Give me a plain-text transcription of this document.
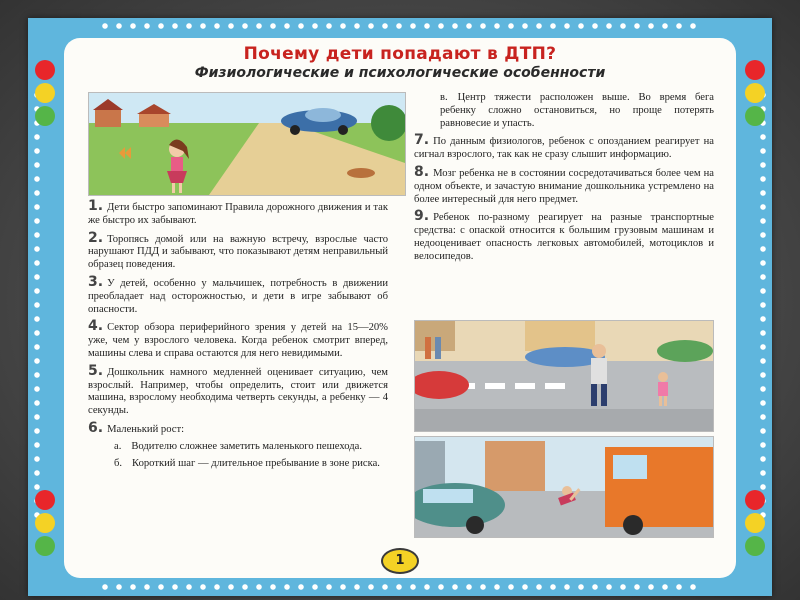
Почему дети попадают в ДТП?
Физиологические и психологические особенности

1. Дети быстро запоминают Правила дорожного движения и так же быстро их забывают.

2. Торопясь домой или на важную встречу, взрослые часто нарушают ПДД и забывают, что показывают детям неправильный образец поведения.

3. У детей, особенно у мальчишек, потребность в движении преобладает над осторожностью, и дети в игре забывают об опасности.

4. Сектор обзора периферийного зрения у детей на 15—20% уже, чем у взрослого человека. Когда ребенок смотрит вперед, машины слева и справа остаются для него невидимыми.

5. Дошкольник намного медленней оценивает ситуацию, чем взрослый. Например, чтобы определить, стоит или движется машина, взрослому необходима четверть секунды, а ребенку — 4 секунды.

6. Маленький рост:

а. Водителю сложнее заметить маленького пешехода.

б. Короткий шаг — длительное пребывание в зоне риска.

в. Центр тяжести расположен выше. Во время бега ребенку сложно остановиться, но проще потерять равновесие и упасть.

7. По данным физиологов, ребенок с опозданием реагирует на сигнал взрослого, так как не сразу слышит информацию.

8. Мозг ребенка не в состоянии сосредотачиваться более чем на одном объекте, и зачастую внимание дошкольника устремлено на более интересный для него предмет.

9. Ребенок по-разному реагирует на разные транспортные средства: с опаской относится к большим грузовым машинам и недооценивает опасность легковых автомобилей, мотоциклов и велосипедов.

1
